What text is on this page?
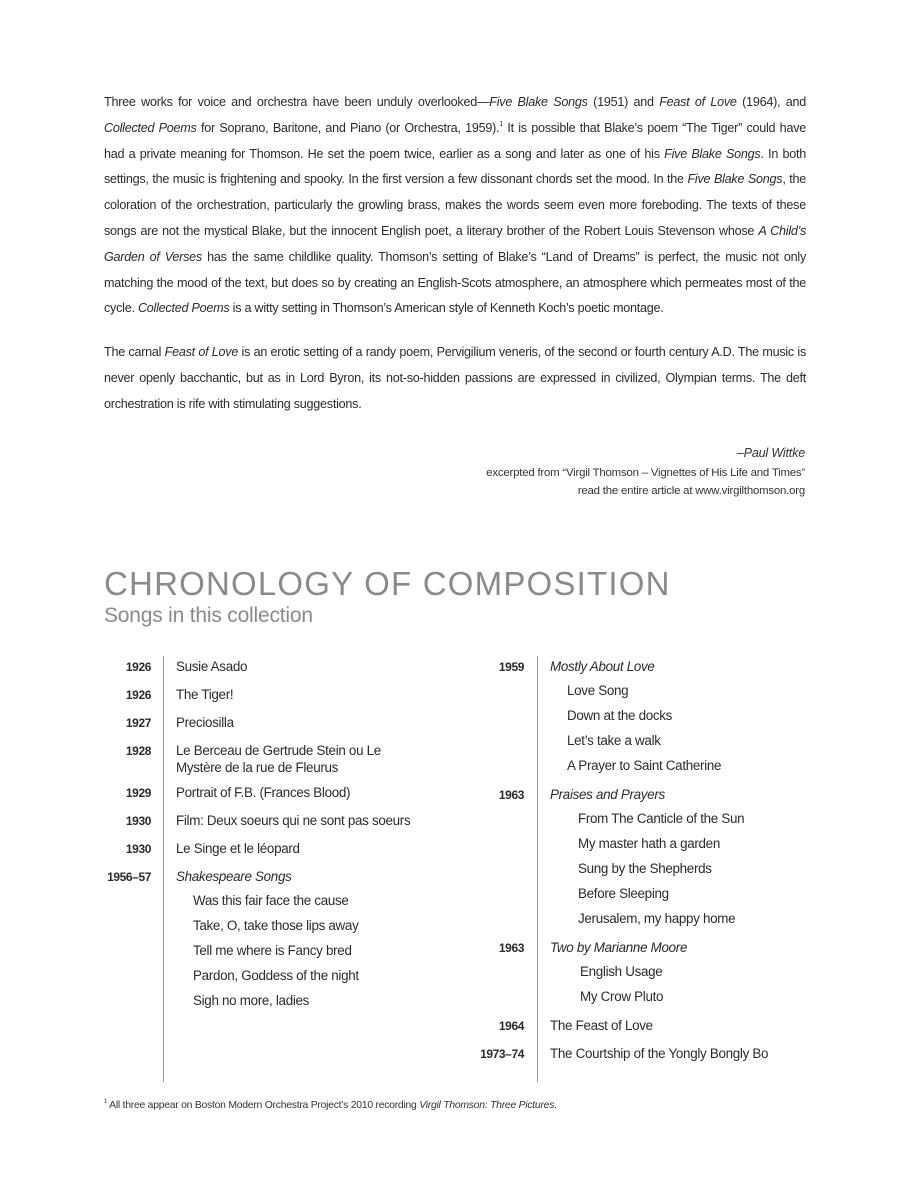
Three works for voice and orchestra have been unduly overlooked—Five Blake Songs (1951) and Feast of Love (1964), and Collected Poems for Soprano, Baritone, and Piano (or Orchestra, 1959).$^1$ It is possible that Blake’s poem “The Tiger” could have had a private meaning for Thomson. He set the poem twice, earlier as a song and later as one of his Five Blake Songs. In both settings, the music is frightening and spooky. In the first version a few dissonant chords set the mood. In the Five Blake Songs, the coloration of the orchestration, particularly the growling brass, makes the words seem even more foreboding. The texts of these songs are not the mystical Blake, but the innocent English poet, a literary brother of the Robert Louis Stevenson whose A Child’s Garden of Verses has the same childlike quality. Thomson’s setting of Blake’s “Land of Dreams” is perfect, the music not only matching the mood of the text, but does so by creating an English-Scots atmosphere, an atmosphere which permeates most of the cycle. Collected Poems is a witty setting in Thomson’s American style of Kenneth Koch’s poetic montage.

The carnal Feast of Love is an erotic setting of a randy poem, Pervigilium veneris, of the second or fourth century A.D. The music is never openly bacchantic, but as in Lord Byron, its not-so-hidden passions are expressed in civilized, Olympian terms. The deft orchestration is rife with stimulating suggestions.

–Paul Wittke
excerpted from “Virgil Thomson – Vignettes of His Life and Times”
read the entire article at www.virgilthomson.org
CHRONOLOGY OF COMPOSITION
Songs in this collection
1926 Susie Asado
1926 The Tiger!
1927 Preciosilla
1928 Le Berceau de Gertrude Stein ou Le Mystère de la rue de Fleurus
1929 Portrait of F.B. (Frances Blood)
1930 Film: Deux soeurs qui ne sont pas soeurs
1930 Le Singe et le léopard
1956–57 Shakespeare Songs
Was this fair face the cause
Take, O, take those lips away
Tell me where is Fancy bred
Pardon, Goddess of the night
Sigh no more, ladies
1959 Mostly About Love
Love Song
Down at the docks
Let’s take a walk
A Prayer to Saint Catherine
1963 Praises and Prayers
From The Canticle of the Sun
My master hath a garden
Sung by the Shepherds
Before Sleeping
Jerusalem, my happy home
1963 Two by Marianne Moore
English Usage
My Crow Pluto
1964 The Feast of Love
1973–74 The Courtship of the Yongly Bongly Bo
$^1$ All three appear on Boston Modern Orchestra Project’s 2010 recording Virgil Thomson: Three Pictures.
